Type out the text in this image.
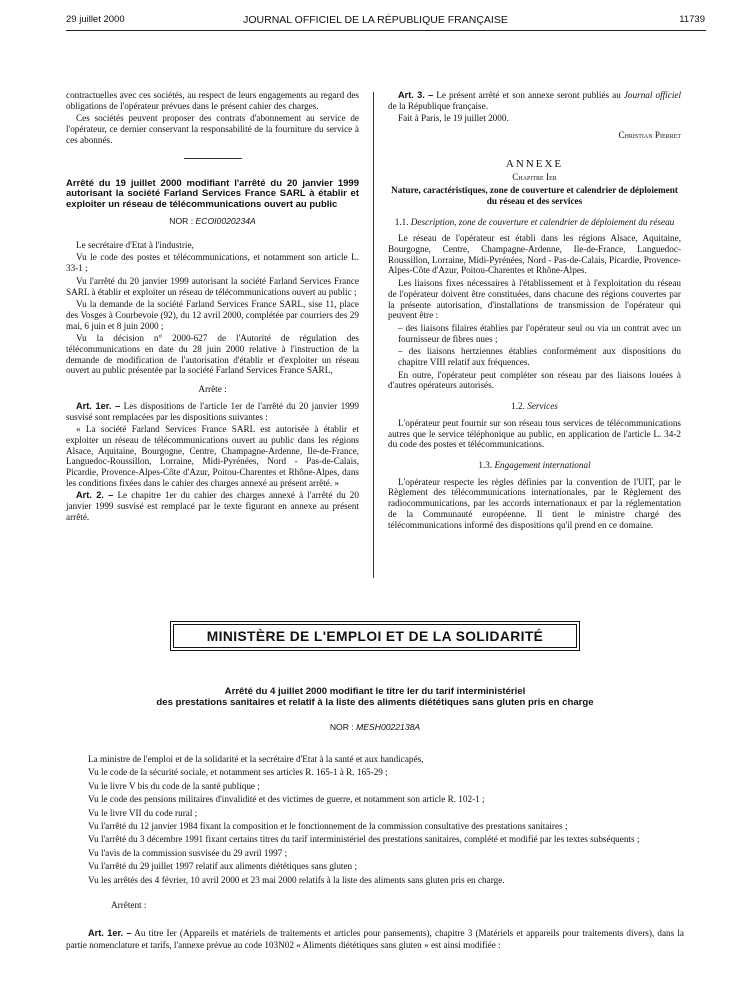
29 juillet 2000	JOURNAL OFFICIEL DE LA RÉPUBLIQUE FRANÇAISE	11739

contractuelles avec ces sociétés, au respect de leurs engagements au regard des obligations de l'opérateur prévues dans le présent cahier des charges.

Ces sociétés peuvent proposer des contrats d'abonnement au service de l'opérateur, ce dernier conservant la responsabilité de la fourniture du service à ces abonnés.

Arrêté du 19 juillet 2000 modifiant l'arrêté du 20 janvier 1999 autorisant la société Farland Services France SARL à établir et exploiter un réseau de télécommunications ouvert au public

NOR : ECOI0020234A

Le secrétaire d'Etat à l'industrie,

Vu le code des postes et télécommunications, et notamment son article L. 33-1 ;

Vu l'arrêté du 20 janvier 1999 autorisant la société Farland Services France SARL à établir et exploiter un réseau de télécommunications ouvert au public ;

Vu la demande de la société Farland Services France SARL, sise 11, place des Vosges à Courbevoie (92), du 12 avril 2000, complétée par courriers des 29 mai, 6 juin et 8 juin 2000 ;

Vu la décision n° 2000-627 de l'Autorité de régulation des télécommunications en date du 28 juin 2000 relative à l'instruction de la demande de modification de l'autorisation d'établir et d'exploiter un réseau ouvert au public présentée par la société Farland Services France SARL,

Arrête :

Art. 1er. – Les dispositions de l'article 1er de l'arrêté du 20 janvier 1999 susvisé sont remplacées par les dispositions suivantes :

« La société Farland Services France SARL est autorisée à établir et exploiter un réseau de télécommunications ouvert au public dans les régions Alsace, Aquitaine, Bourgogne, Centre, Champagne-Ardenne, Ile-de-France, Languedoc-Roussillon, Lorraine, Midi-Pyrénées, Nord - Pas-de-Calais, Picardie, Provence-Alpes-Côte d'Azur, Poitou-Charentes et Rhône-Alpes, dans les conditions fixées dans le cahier des charges annexé au présent arrêté. »

Art. 2. – Le chapitre 1er du cahier des charges annexé à l'arrêté du 20 janvier 1999 susvisé est remplacé par le texte figurant en annexe au présent arrêté.

Art. 3. – Le présent arrêté et son annexe seront publiés au Journal officiel de la République française.

Fait à Paris, le 19 juillet 2000.

Christian Pierret

ANNEXE

Chapitre Ier

Nature, caractéristiques, zone de couverture et calendrier de déploiement du réseau et des services

1.1. Description, zone de couverture et calendrier de déploiement du réseau

Le réseau de l'opérateur est établi dans les régions Alsace, Aquitaine, Bourgogne, Centre, Champagne-Ardenne, Ile-de-France, Languedoc-Roussillon, Lorraine, Midi-Pyrénées, Nord - Pas-de-Calais, Picardie, Provence-Alpes-Côte d'Azur, Poitou-Charentes et Rhône-Alpes.

Les liaisons fixes nécessaires à l'établissement et à l'exploitation du réseau de l'opérateur doivent être constituées, dans chacune des régions couvertes par la présente autorisation, d'installations de transmission de l'opérateur qui peuvent être :

– des liaisons filaires établies par l'opérateur seul ou via un contrat avec un fournisseur de fibres nues ;

– des liaisons hertziennes établies conformément aux dispositions du chapitre VIII relatif aux fréquences.

En outre, l'opérateur peut compléter son réseau par des liaisons louées à d'autres opérateurs autorisés.

1.2. Services

L'opérateur peut fournir sur son réseau tous services de télécommunications autres que le service téléphonique au public, en application de l'article L. 34-2 du code des postes et télécommunications.

1.3. Engagement international

L'opérateur respecte les règles définies par la convention de l'UIT, par le Règlement des télécommunications internationales, par le Règlement des radiocommunications, par les accords internationaux et par la réglementation de la Communauté européenne. Il tient le ministre chargé des télécommunications informé des dispositions qu'il prend en ce domaine.

MINISTÈRE DE L'EMPLOI ET DE LA SOLIDARITÉ
Arrêté du 4 juillet 2000 modifiant le titre Ier du tarif interministériel
des prestations sanitaires et relatif à la liste des aliments diététiques sans gluten pris en charge
NOR : MESH0022138A

La ministre de l'emploi et de la solidarité et la secrétaire d'Etat à la santé et aux handicapés,

Vu le code de la sécurité sociale, et notamment ses articles R. 165-1 à R. 165-29 ;

Vu le livre V bis du code de la santé publique ;

Vu le code des pensions militaires d'invalidité et des victimes de guerre, et notamment son article R. 102-1 ;

Vu le livre VII du code rural ;

Vu l'arrêté du 12 janvier 1984 fixant la composition et le fonctionnement de la commission consultative des prestations sanitaires ;

Vu l'arrêté du 3 décembre 1991 fixant certains titres du tarif interministériel des prestations sanitaires, complété et modifié par les textes subséquents ;

Vu l'avis de la commission susvisée du 29 avril 1997 ;

Vu l'arrêté du 29 juillet 1997 relatif aux aliments diététiques sans gluten ;

Vu les arrêtés des 4 février, 10 avril 2000 et 23 mai 2000 relatifs à la liste des aliments sans gluten pris en charge.

Arrêtent :

Art. 1er. – Au titre Ier (Appareils et matériels de traitements et articles pour pansements), chapitre 3 (Matériels et appareils pour traitements divers), dans la partie nomenclature et tarifs, l'annexe prévue au code 103N02 « Aliments diététiques sans gluten » est ainsi modifiée :
